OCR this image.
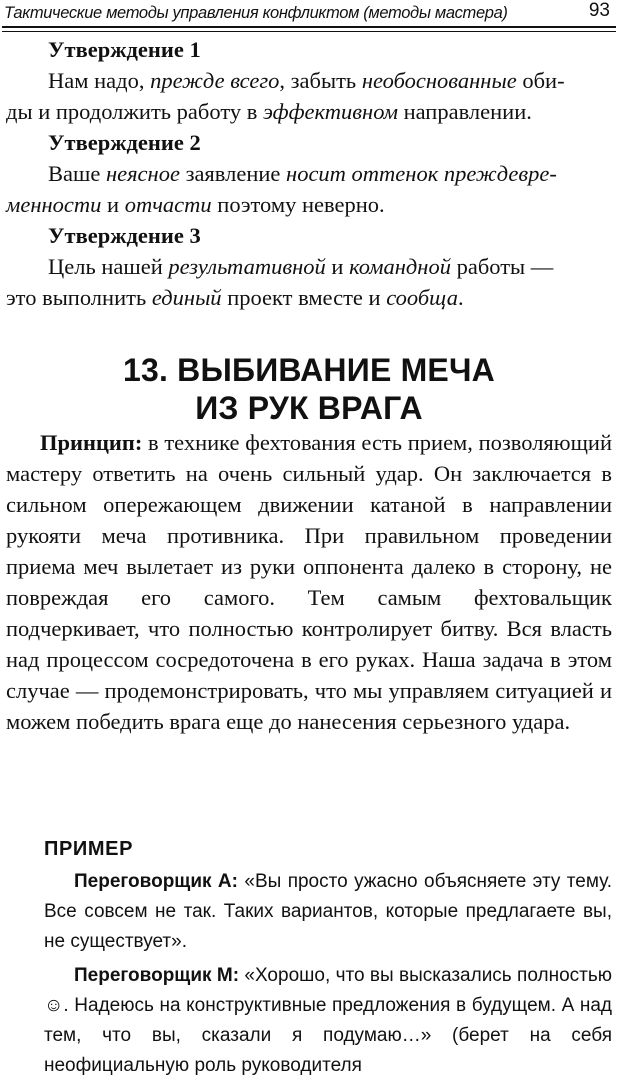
Тактические методы управления конфликтом (методы мастера)	93

Утверждение 1

Нам надо, прежде всего, забыть необоснованные оби-

ды и продолжить работу в эффективном направлении.

Утверждение 2

Ваше неясное заявление носит оттенок преждевре-

менности и отчасти поэтому неверно.

Утверждение 3

Цель нашей результативной и командной работы —

это выполнить единый проект вместе и сообща.

13. ВЫБИВАНИЕ МЕЧА
ИЗ РУК ВРАГА

Принцип: в технике фехтования есть прием, позволяющий мастеру ответить на очень сильный удар. Он заключается в сильном опережающем движении катаной в направлении рукояти меча противника. При правильном проведении приема меч вылетает из руки оппонента далеко в сторону, не повреждая его самого. Тем самым фехтовальщик подчеркивает, что полностью контролирует битву. Вся власть над процессом сосредоточена в его руках. Наша задача в этом случае — продемонстрировать, что мы управляем ситуацией и можем победить врага еще до нанесения серьезного удара.

ПРИМЕР

Переговорщик А: «Вы просто ужасно объясняете эту тему. Все совсем не так. Таких вариантов, которые предлагаете вы, не существует».

Переговорщик М: «Хорошо, что вы высказались полностью ☺. Надеюсь на конструктивные предложения в будущем. А над тем, что вы, сказали я подумаю…» (берет на себя неофициальную роль руководителя
